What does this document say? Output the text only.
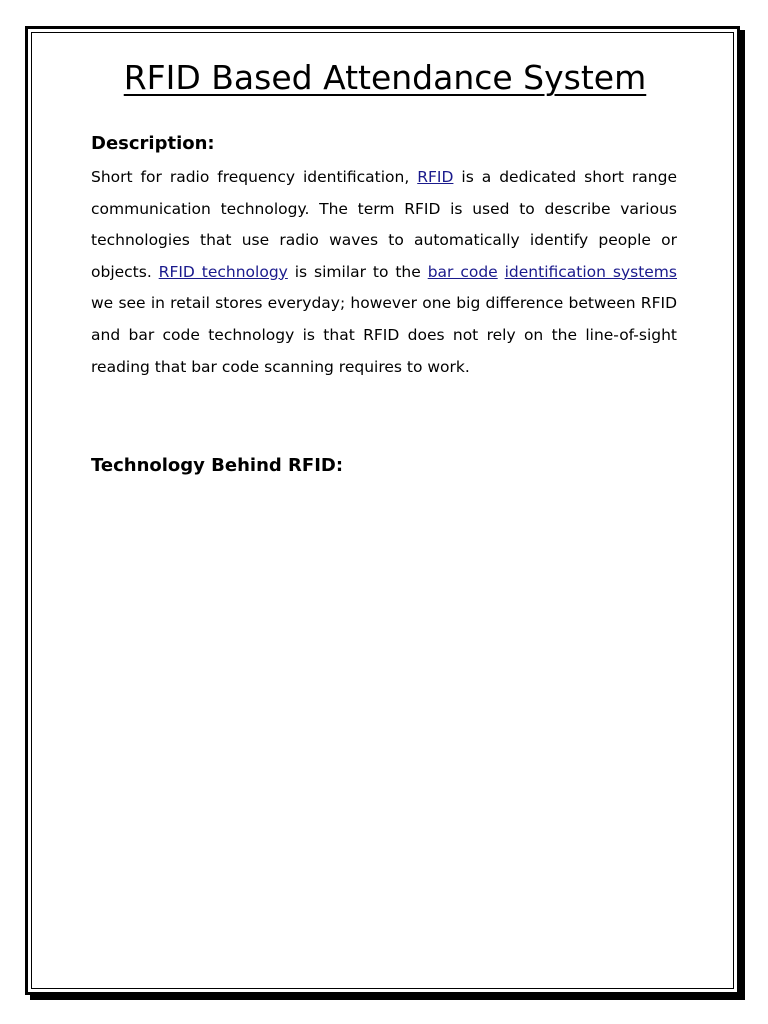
RFID Based Attendance System
Description:

Short for radio frequency identification, RFID is a dedicated short range communication technology. The term RFID is used to describe various technologies that use radio waves to automatically identify people or objects. RFID technology is similar to the bar code identification systems we see in retail stores everyday; however one big difference between RFID and bar code technology is that RFID does not rely on the line-of-sight reading that bar code scanning requires to work.

Technology Behind RFID:
